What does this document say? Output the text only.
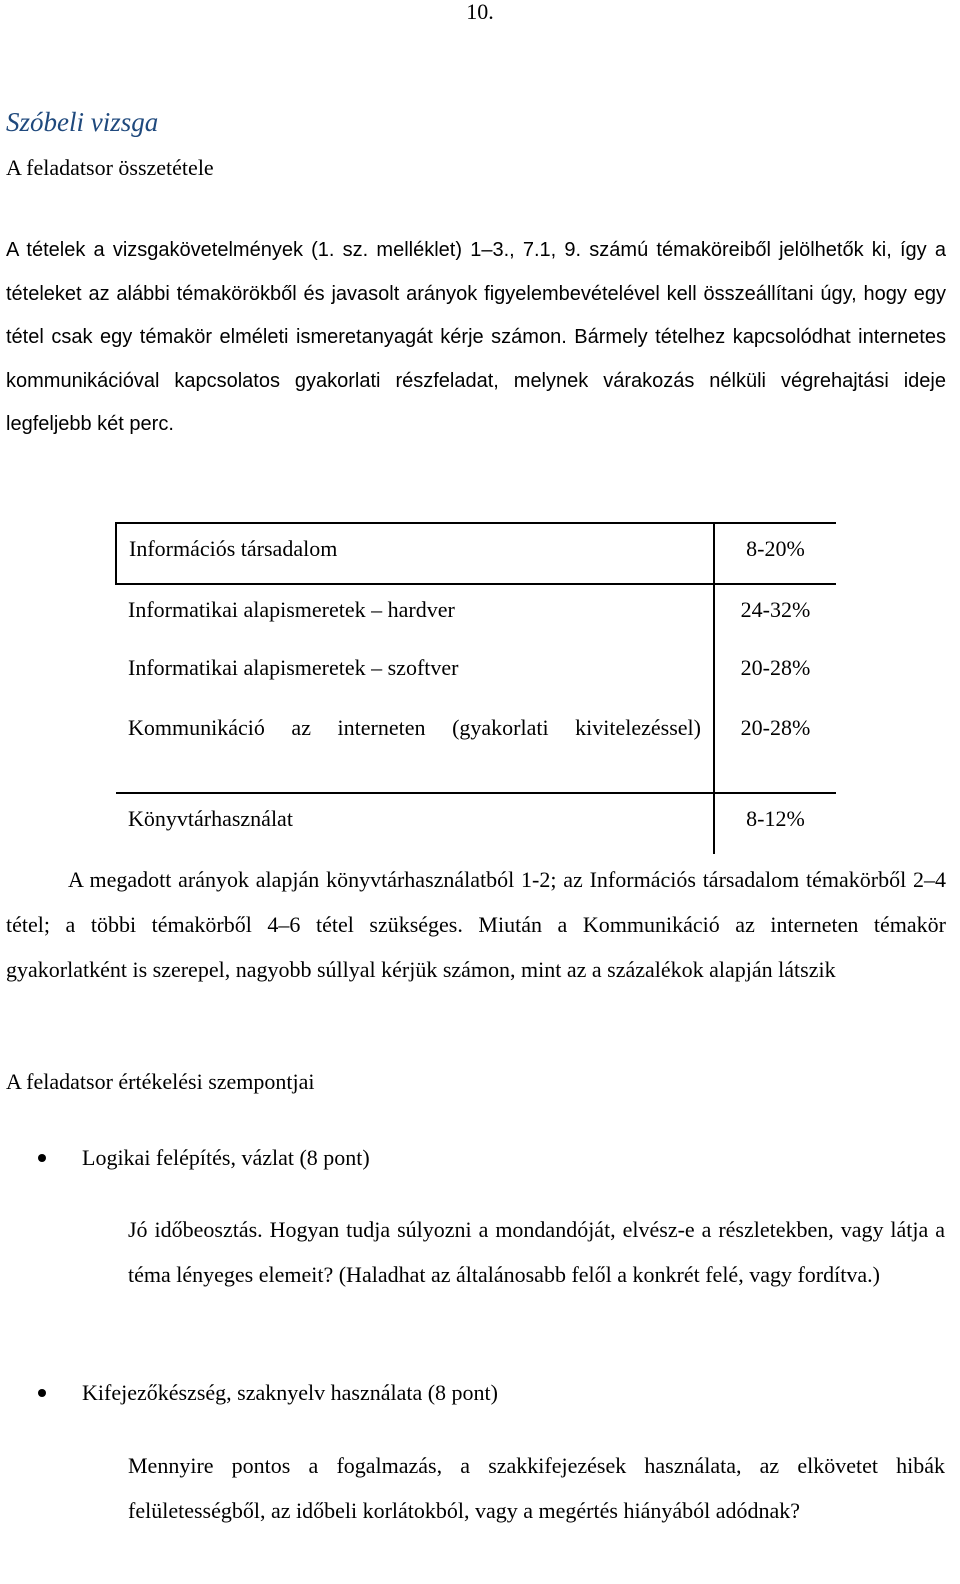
10.
Szóbeli vizsga
A feladatsor összetétele
A tételek a vizsgakövetelmények (1. sz. melléklet) 1–3., 7.1, 9. számú témaköreiből jelölhetők ki, így a tételeket az alábbi témakörökből és javasolt arányok figyelembevételével kell összeállítani úgy, hogy egy tétel csak egy témakör elméleti ismeretanyagát kérje számon. Bármely tételhez kapcsolódhat internetes kommunikációval kapcsolatos gyakorlati részfeladat, melynek várakozás nélküli végrehajtási ideje legfeljebb két perc.
Információs társadalom	8-20%
Informatikai alapismeretek – hardver	24-32%
Informatikai alapismeretek – szoftver	20-28%
Kommunikáció az interneten (gyakorlati kivitelezéssel)	20-28%
Könyvtárhasználat	8-12%
A megadott arányok alapján könyvtárhasználatból 1-2; az Információs társadalom témakörből 2–4 tétel; a többi témakörből 4–6 tétel szükséges. Miután a Kommunikáció az interneten témakör gyakorlatként is szerepel, nagyobb súllyal kérjük számon, mint az a százalékok alapján látszik
A feladatsor értékelési szempontjai
Logikai felépítés, vázlat (8 pont)
Jó időbeosztás. Hogyan tudja súlyozni a mondandóját, elvész-e a részletekben, vagy látja a téma lényeges elemeit? (Haladhat az általánosabb felől a konkrét felé, vagy fordítva.)
Kifejezőkészség, szaknyelv használata (8 pont)
Mennyire pontos a fogalmazás, a szakkifejezések használata, az elkövetet hibák felületességből, az időbeli korlátokból, vagy a megértés hiányából adódnak?
